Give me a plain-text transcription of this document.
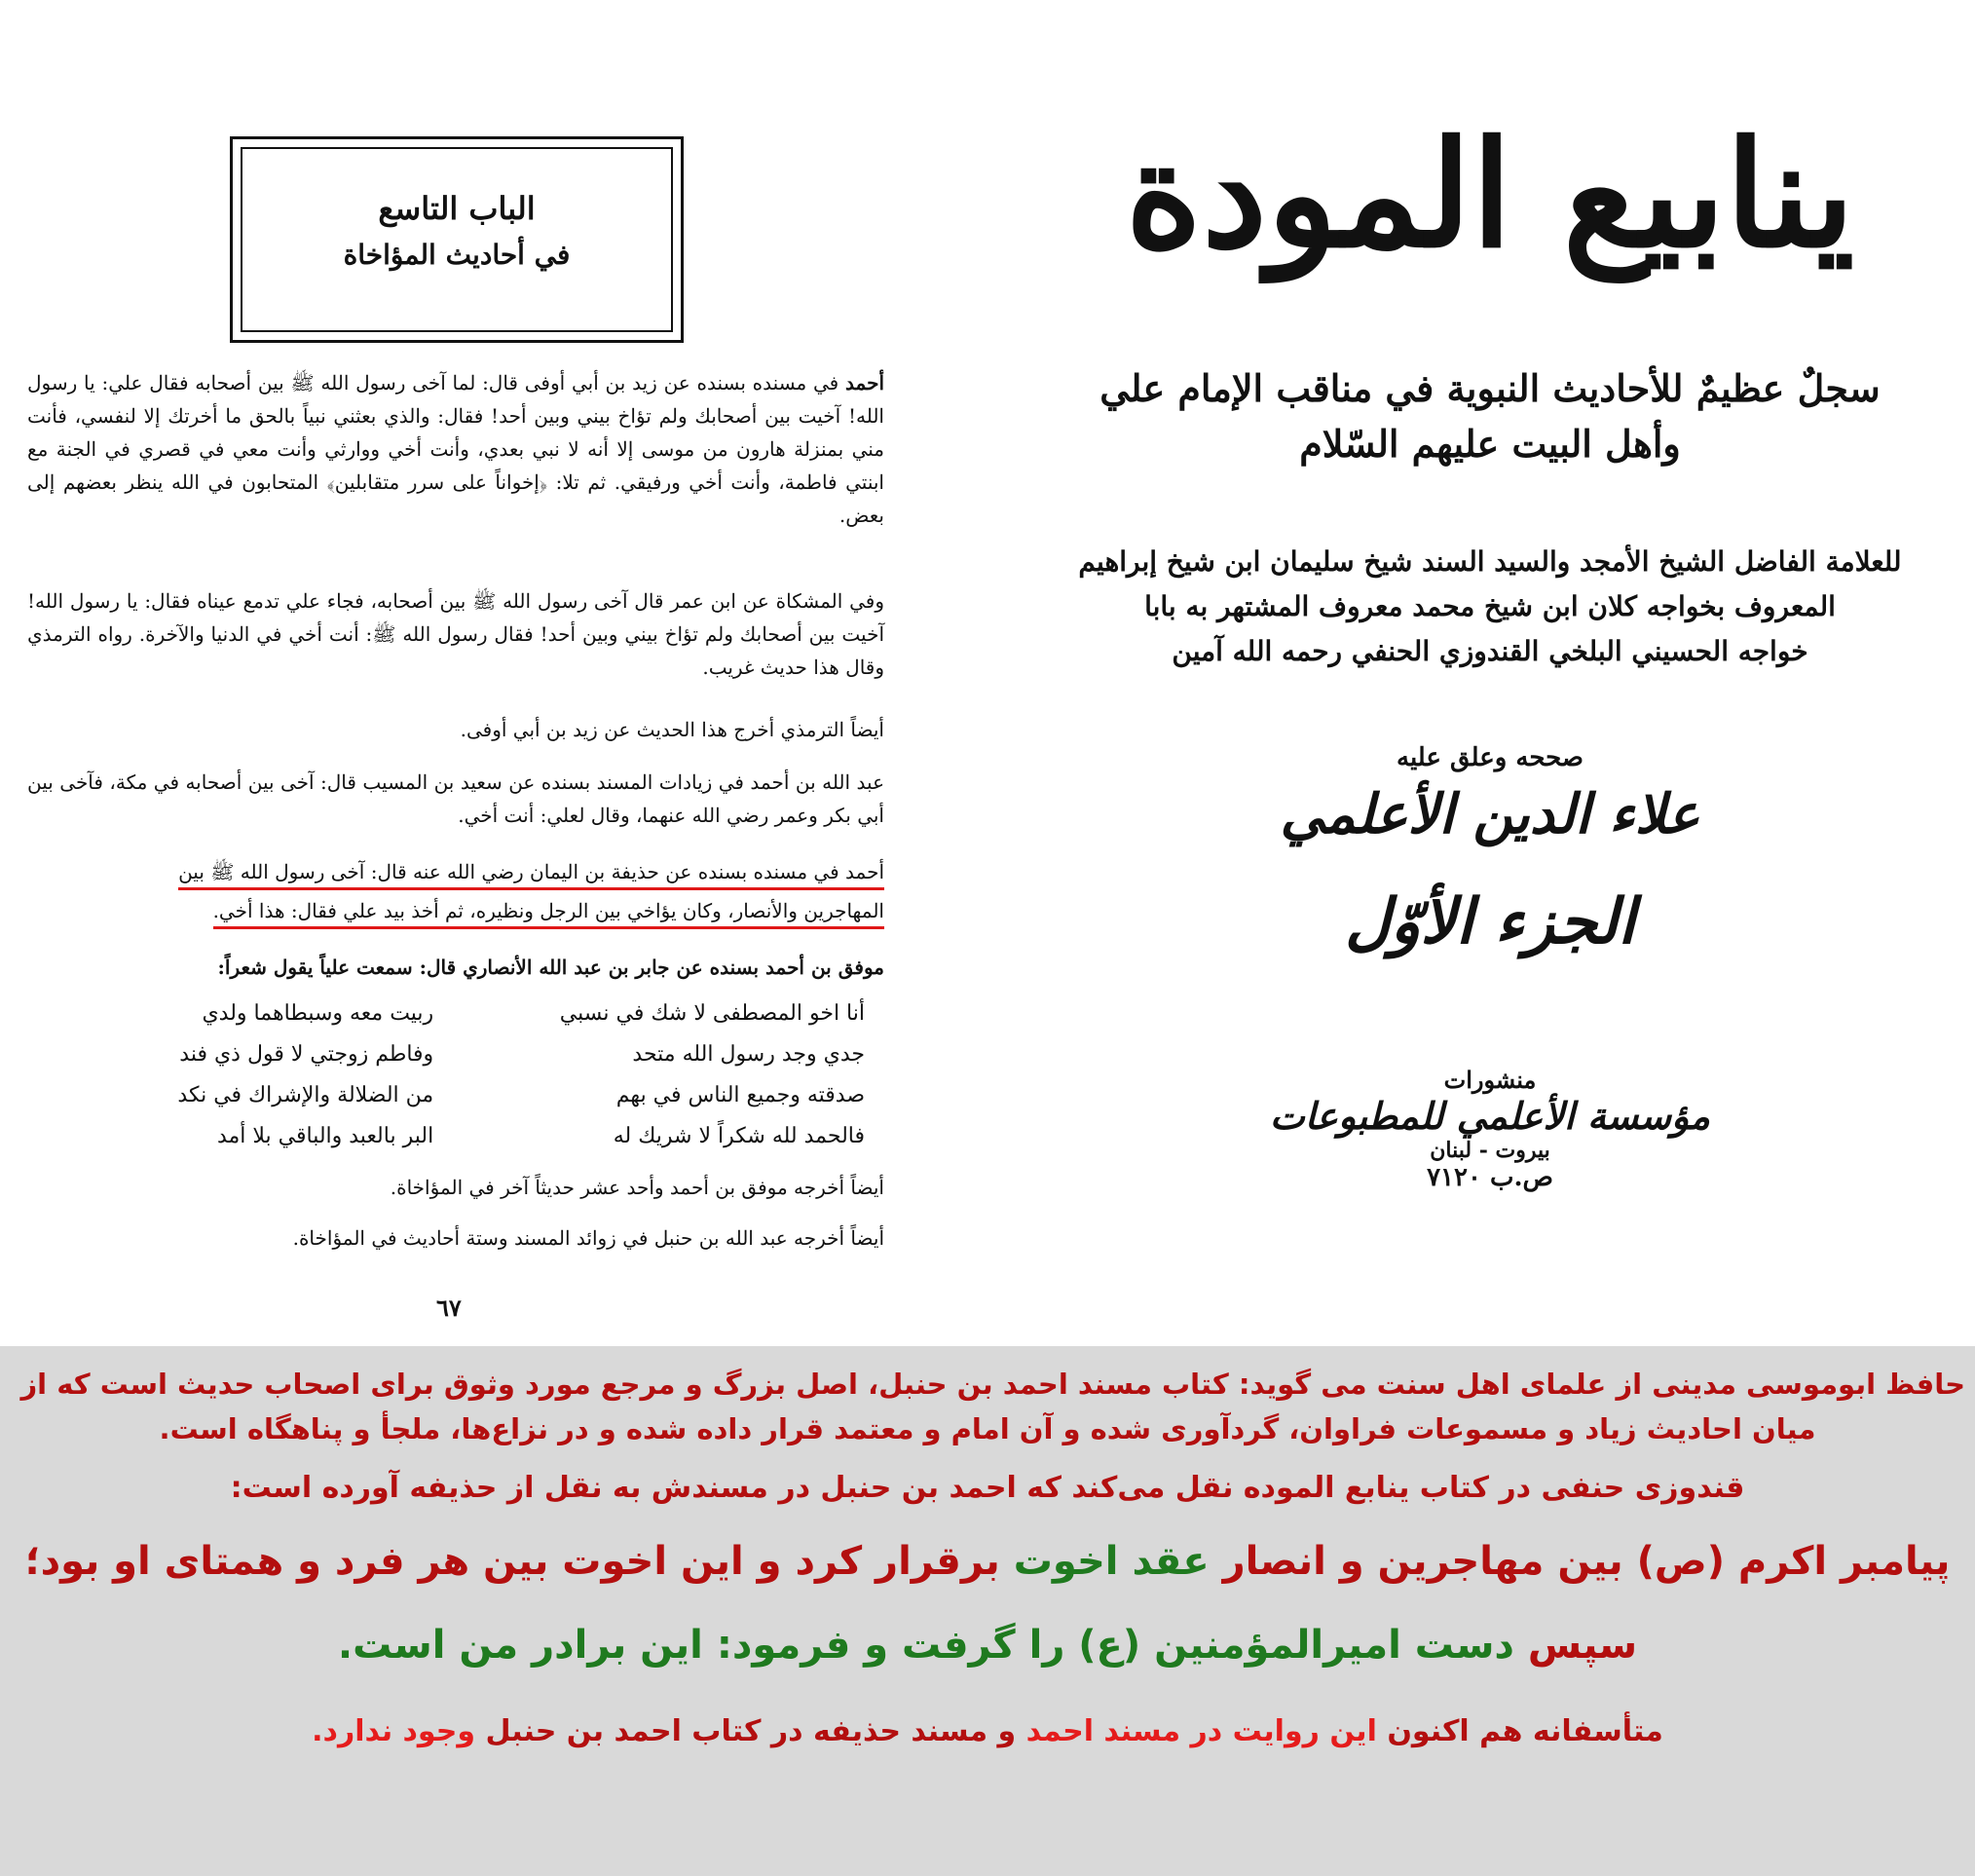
ينابيع المودة
سجلٌ عظيمٌ للأحاديث النبوية في مناقب الإمام علي
وأهل البيت عليهم السّلام
للعلامة الفاضل الشيخ الأمجد والسيد السند شيخ سليمان ابن شيخ إبراهيم
المعروف بخواجه كلان ابن شيخ محمد معروف المشتهر به بابا
خواجه الحسيني البلخي القندوزي الحنفي رحمه الله آمين
صححه وعلق عليه
علاء الدين الأعلمي
الجزء الأوّل
منشورات
مؤسسة الأعلمي للمطبوعات
بيروت - لبنان
ص.ب ٧١٢٠
الباب التاسع
في أحاديث المؤاخاة
أحمد في مسنده بسنده عن زيد بن أبي أوفى قال: لما آخى رسول الله ﷺ بين أصحابه فقال علي: يا رسول الله! آخيت بين أصحابك ولم تؤاخ بيني وبين أحد! فقال: والذي بعثني نبياً بالحق ما أخرتك إلا لنفسي، فأنت مني بمنزلة هارون من موسى إلا أنه لا نبي بعدي، وأنت أخي ووارثي وأنت معي في قصري في الجنة مع ابنتي فاطمة، وأنت أخي ورفيقي. ثم تلا: ﴿إخواناً على سرر متقابلين﴾ المتحابون في الله ينظر بعضهم إلى بعض.
وفي المشكاة عن ابن عمر قال آخى رسول الله ﷺ بين أصحابه، فجاء علي تدمع عيناه فقال: يا رسول الله! آخيت بين أصحابك ولم تؤاخ بيني وبين أحد! فقال رسول الله ﷺ: أنت أخي في الدنيا والآخرة. رواه الترمذي وقال هذا حديث غريب.
أيضاً الترمذي أخرج هذا الحديث عن زيد بن أبي أوفى.
عبد الله بن أحمد في زيادات المسند بسنده عن سعيد بن المسيب قال: آخى بين أصحابه في مكة، فآخى بين أبي بكر وعمر رضي الله عنهما، وقال لعلي: أنت أخي.
أحمد في مسنده بسنده عن حذيفة بن اليمان رضي الله عنه قال: آخى رسول الله ﷺ بين
المهاجرين والأنصار، وكان يؤاخي بين الرجل ونظيره، ثم أخذ بيد علي فقال: هذا أخي.
موفق بن أحمد بسنده عن جابر بن عبد الله الأنصاري قال: سمعت علياً يقول شعراً:
أنا اخو المصطفى لا شك في نسبي
ربيت معه وسبطاهما ولدي
جدي وجد رسول الله متحد
وفاطم زوجتي لا قول ذي فند
صدقته وجميع الناس في بهم
من الضلالة والإشراك في نكد
فالحمد لله شكراً لا شريك له
البر بالعبد والباقي بلا أمد
أيضاً أخرجه موفق بن أحمد وأحد عشر حديثاً آخر في المؤاخاة.
أيضاً أخرجه عبد الله بن حنبل في زوائد المسند وستة أحاديث في المؤاخاة.
٦٧
حافظ ابوموسی مدینی از علمای اهل سنت می گوید: کتاب مسند احمد بن حنبل، اصل بزرگ و مرجع مورد وثوق برای اصحاب حدیث است که از
میان احادیث زیاد و مسموعات فراوان، گردآوری شده و آن امام و معتمد قرار داده شده و در نزاع‌ها، ملجأ و پناهگاه است.
قندوزی حنفی در کتاب ینابع الموده نقل می‌کند که احمد بن حنبل در مسندش به نقل از حذیفه آورده است:
پیامبر اکرم (ص) بین مهاجرین و انصار عقد اخوت برقرار کرد و این اخوت بین هر فرد و همتای او بود؛
سپس دست امیرالمؤمنین (ع) را گرفت و فرمود: این برادر من است.
متأسفانه هم اکنون این روایت در مسند احمد و مسند حذیفه در کتاب احمد بن حنبل وجود ندارد.
